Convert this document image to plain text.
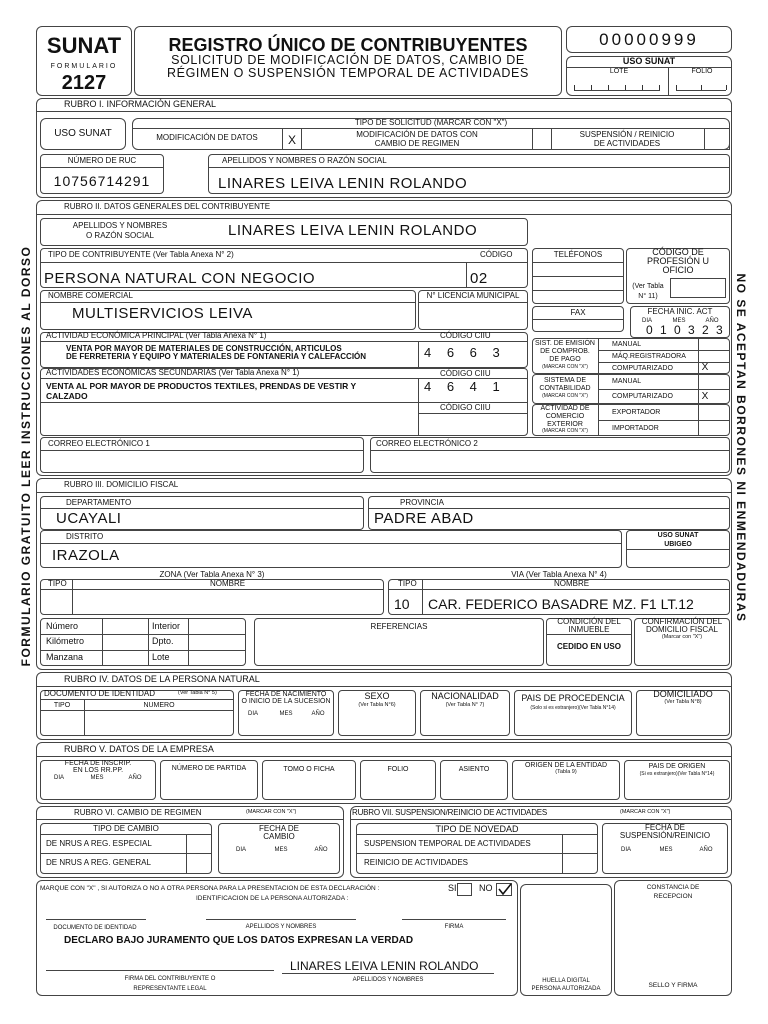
FORMULARIO GRATUITO LEER INSTRUCCIONES AL DORSO	NO SE ACEPTAN BORRONES NI ENMENDADURAS
SUNAT
FORMULARIO
2127
REGISTRO ÚNICO DE CONTRIBUYENTES
SOLICITUD DE MODIFICACIÓN DE DATOS, CAMBIO DE
RÉGIMEN O SUSPENSIÓN TEMPORAL DE ACTIVIDADES
00000999
USO SUNAT
LOTE	FOLIO
RUBRO I. INFORMACIÓN GENERAL
USO SUNAT
TIPO DE SOLICITUD (MARCAR CON "X")
MODIFICACIÓN DE DATOS	X	MODIFICACIÓN DE DATOS CON
CAMBIO DE REGIMEN
SUSPENSIÓN / REINICIO
DE ACTIVIDADES
NÚMERO DE RUC
10756714291
APELLIDOS Y NOMBRES O RAZÓN SOCIAL
LINARES LEIVA LENIN ROLANDO
RUBRO II. DATOS GENERALES DEL CONTRIBUYENTE
APELLIDOS Y NOMBRES
O RAZÓN SOCIAL	LINARES LEIVA LENIN ROLANDO
TIPO DE CONTRIBUYENTE (Ver Tabla Anexa N° 2)	CÓDIGO
PERSONA NATURAL CON NEGOCIO	02
TELÉFONOS	CÓDIGO DE
PROFESIÓN U
OFICIO
(Ver Tabla
N° 11)
NOMBRE COMERCIAL
MULTISERVICIOS LEIVA
N° LICENCIA MUNICIPAL
FAX	FECHA INIC. ACT
DIA	MES	AÑO
0 1 0 3 2 3
ACTIVIDAD ECONÓMICA PRINCIPAL (Ver Tabla Anexa N° 1)	CÓDIGO CIIU
VENTA POR MAYOR DE MATERIALES DE CONSTRUCCIÓN, ARTICULOS
DE FERRETERIA Y EQUIPO Y MATERIALES DE FONTANERIA Y CALEFACCIÓN	4 6 6 3
SIST. DE EMISIÓN
DE COMPROB.
DE PAGO
(MARCAR CON "X")
MANUAL
MÁQ.REGISTRADORA
COMPUTARIZADO	X
ACTIVIDADES ECONÓMICAS SECUNDARIAS (Ver Tabla Anexa N° 1)	CÓDIGO CIIU
VENTA AL POR MAYOR DE PRODUCTOS TEXTILES, PRENDAS DE VESTIR Y
CALZADO
4 6 4 1
CÓDIGO CIIU
SISTEMA DE
CONTABILIDAD
(MARCAR CON "X")
MANUAL
COMPUTARIZADO	X
ACTIVIDAD DE
COMERCIO
EXTERIOR
(MARCAR CON "X")
EXPORTADOR
IMPORTADOR
CORREO ELECTRÓNICO 1	CORREO ELECTRÓNICO 2
RUBRO III. DOMICILIO FISCAL
DEPARTAMENTO
UCAYALI
PROVINCIA
PADRE ABAD
DISTRITO
IRAZOLA
USO SUNAT
UBIGEO
ZONA (Ver Tabla Anexa N° 3)
TIPO	NOMBRE
VIA (Ver Tabla Anexa N° 4)
TIPO	NOMBRE
10 CAR. FEDERICO BASADRE MZ. F1 LT.12
Número	Interior
Kilómetro	Dpto.
Manzana	Lote
REFERENCIAS
CONDICIÓN DEL
INMUEBLE
CEDIDO EN USO
CONFIRMACIÓN DEL
DOMICILIO FISCAL
(Marcar con "X")
RUBRO IV. DATOS DE LA PERSONA NATURAL
DOCUMENTO DE IDENTIDAD	(Ver Tabla N° 5)
TIPO	NUMERO
FECHA DE NACIMIENTO
O INICIO DE LA SUCESIÓN
DIA	MES	AÑO
SEXO
(Ver Tabla N°6)
NACIONALIDAD
(Ver Tabla N° 7)
PAIS DE PROCEDENCIA
(Solo si es extranjero)(Ver Tabla N°14)
DOMICILIADO
(Ver Tabla N°8)
RUBRO V. DATOS DE LA EMPRESA
FECHA DE INSCRIP.
EN LOS RR.PP.
DIA	MES	AÑO
NÚMERO DE PARTIDA	TOMO O FICHA	FOLIO	ASIENTO
ORIGEN DE LA ENTIDAD
(Tabla 9)
PAIS DE ORIGEN
(Si es extranjero)(Ver Tabla N°14)
RUBRO VI. CAMBIO DE REGIMEN	(MARCAR CON "X")
TIPO DE CAMBIO
DE NRUS A REG. ESPECIAL
DE NRUS A REG. GENERAL
FECHA DE
CAMBIO
DIA	MES	AÑO
RUBRO VII. SUSPENSION/REINICIO DE ACTIVIDADES	(MARCAR CON "X")
TIPO DE NOVEDAD
SUSPENSION TEMPORAL DE ACTIVIDADES
REINICIO DE ACTIVIDADES
FECHA DE
SUSPENSIÓN/REINICIO
DIA	MES	AÑO
MARQUE CON "X" , SI AUTORIZA O NO A OTRA PERSONA PARA LA PRESENTACION DE ESTA DECLARACIÓN :	SI NO
IDENTIFICACION DE LA PERSONA AUTORIZADA :
DOCUMENTO DE IDENTIDAD	APELLIDOS Y NOMBRES	FIRMA
DECLARO BAJO JURAMENTO QUE LOS DATOS EXPRESAN LA VERDAD
LINARES LEIVA LENIN ROLANDO
FIRMA DEL CONTRIBUYENTE O
REPRESENTANTE LEGAL
APELLIDOS Y NOMBRES	HUELLA DIGITAL
PERSONA AUTORIZADA
CONSTANCIA DE
RECEPCION
SELLO Y FIRMA
